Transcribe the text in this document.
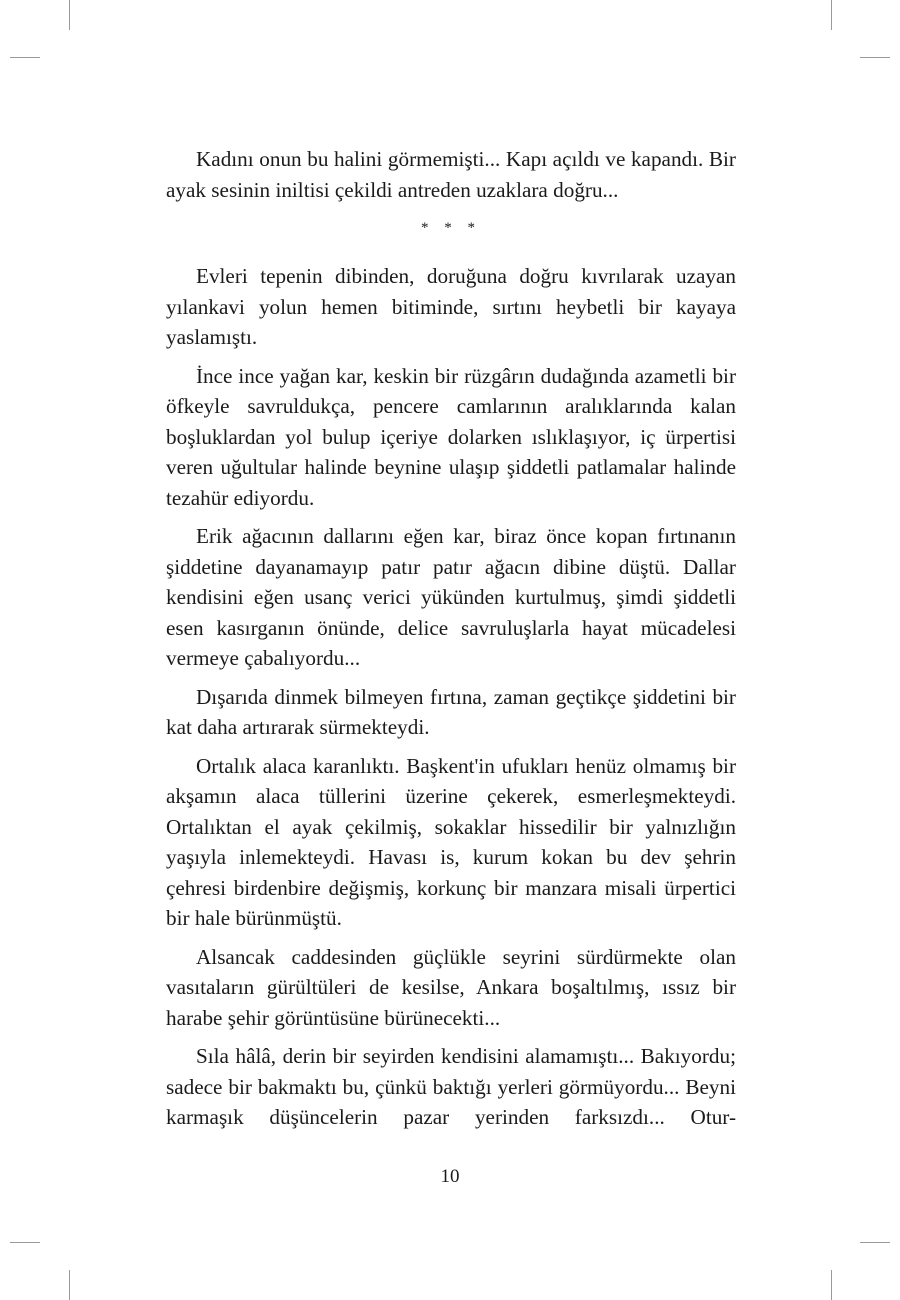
Kadını onun bu halini görmemişti... Kapı açıldı ve kapandı. Bir ayak sesinin iniltisi çekildi antreden uzaklara doğru...

* * *

Evleri tepenin dibinden, doruğuna doğru kıvrılarak uzayan yılankavi yolun hemen bitiminde, sırtını heybetli bir kayaya yaslamıştı.

İnce ince yağan kar, keskin bir rüzgârın dudağında azametli bir öfkeyle savruldukça, pencere camlarının aralıklarında kalan boşluklardan yol bulup içeriye dolarken ıslıklaşıyor, iç ürpertisi veren uğultular halinde beynine ulaşıp şiddetli patlamalar halinde tezahür ediyordu.

Erik ağacının dallarını eğen kar, biraz önce kopan fırtınanın şiddetine dayanamayıp patır patır ağacın dibine düştü. Dallar kendisini eğen usanç verici yükünden kurtulmuş, şimdi şiddetli esen kasırganın önünde, delice savruluşlarla hayat mücadelesi vermeye çabalıyordu...

Dışarıda dinmek bilmeyen fırtına, zaman geçtikçe şiddetini bir kat daha artırarak sürmekteydi.

Ortalık alaca karanlıktı. Başkent'in ufukları henüz olmamış bir akşamın alaca tüllerini üzerine çekerek, esmerleşmekteydi. Ortalıktan el ayak çekilmiş, sokaklar hissedilir bir yalnızlığın yaşıyla inlemekteydi. Havası is, kurum kokan bu dev şehrin çehresi birdenbire değişmiş, korkunç bir manzara misali ürpertici bir hale bürünmüştü.

Alsancak caddesinden güçlükle seyrini sürdürmekte olan vasıtaların gürültüleri de kesilse, Ankara boşaltılmış, ıssız bir harabe şehir görüntüsüne bürünecekti...

Sıla hâlâ, derin bir seyirden kendisini alamamıştı... Bakıyordu; sadece bir bakmaktı bu, çünkü baktığı yerleri görmüyordu... Beyni karmaşık düşüncelerin pazar yerinden farksızdı... Otur-

10
